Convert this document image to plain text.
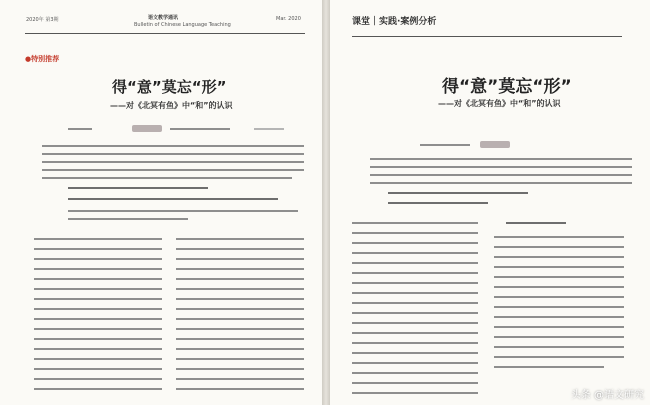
2020年 第3期	语文教学通讯
Bulletin of Chinese Language Teaching
Mar. 2020
●特别推荐
得“意”莫忘“形”
——对《北冥有鱼》中“和”的认识
课堂｜实践·案例分析
得“意”莫忘“形”
——对《北冥有鱼》中“和”的认识
头条 @语文研究
